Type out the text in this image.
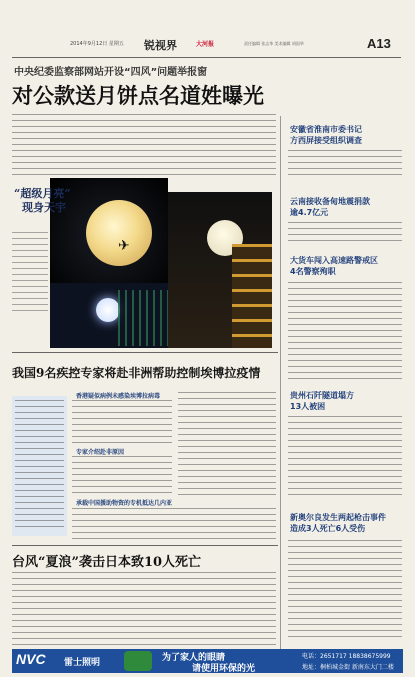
2014年9月12日 星期五 锐视界	大河报	责任编辑 张志华 美术编辑 胡国华	A13
中央纪委监察部网站开设“四风”问题举报窗
对公款送月饼点名道姓曝光
✈
“超级月亮”
现身天宇
我国9名疾控专家将赴非洲帮助控制埃博拉疫情
香港疑似病例未感染埃博拉病毒
专家介绍赴非原因
承载中国援助物资的专机抵达几内亚
台风“夏浪”袭击日本致10人死亡
安徽省淮南市委书记
方西屏接受组织调查
云南接收备甸地震捐款
逾4.7亿元
大货车闯入高速路警戒区
4名警察殉职
贵州石阡隧道塌方
13人被困
新奥尔良发生两起枪击事件
造成3人死亡6人受伤
NVC 雷士照明	为了家人的眼睛
请使用环保的光
电话：2651717 18838675999
地址：桐柏城金街 新南东大门二楼
